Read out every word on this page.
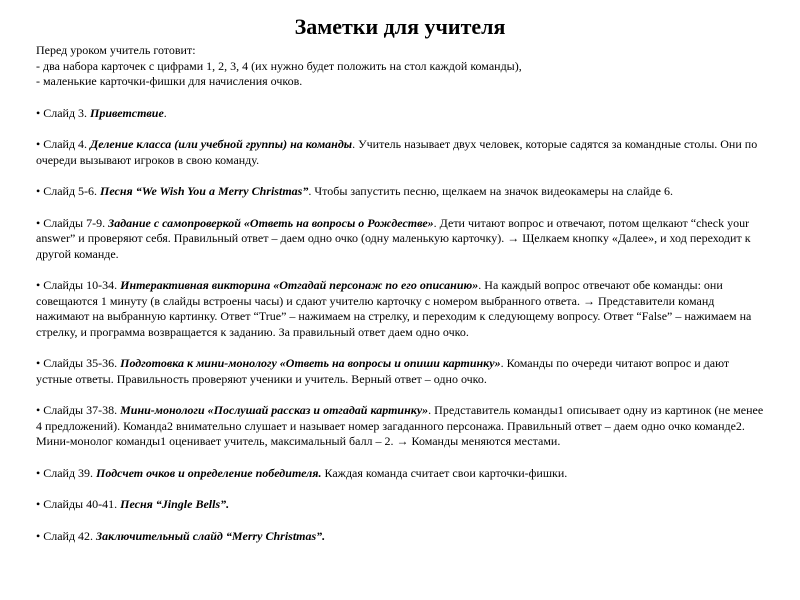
Заметки для учителя
Перед уроком учитель готовит:
- два набора карточек с цифрами 1, 2, 3, 4 (их нужно будет положить на стол каждой команды),
- маленькие карточки-фишки для начисления очков.
• Слайд 3. Приветствие.
• Слайд 4. Деление класса (или учебной группы) на команды. Учитель называет двух человек, которые садятся за командные столы. Они по очереди вызывают игроков в свою команду.
• Слайд 5-6. Песня “We Wish You a Merry Christmas”. Чтобы запустить песню, щелкаем на значок видеокамеры на слайде 6.
• Слайды 7-9. Задание с самопроверкой «Ответь на вопросы о Рождестве». Дети читают вопрос и отвечают, потом щелкают “check your answer” и проверяют себя. Правильный ответ – даем одно очко (одну маленькую карточку). → Щелкаем кнопку «Далее», и ход переходит к другой команде.
• Слайды 10-34. Интерактивная викторина «Отгадай персонаж по его описанию». На каждый вопрос отвечают обе команды: они совещаются 1 минуту (в слайды встроены часы) и сдают учителю карточку с номером выбранного ответа. → Представители команд нажимают на выбранную картинку. Ответ “True” – нажимаем на стрелку, и переходим к следующему вопросу. Ответ “False” – нажимаем на стрелку, и программа возвращается к заданию. За правильный ответ даем одно очко.
• Слайды 35-36. Подготовка к мини-монологу «Ответь на вопросы и опиши картинку». Команды по очереди читают вопрос и дают устные ответы. Правильность проверяют ученики и учитель. Верный ответ – одно очко.
• Слайды 37-38. Мини-монологи «Послушай рассказ и отгадай картинку». Представитель команды1 описывает одну из картинок (не менее 4 предложений). Команда2 внимательно слушает и называет номер загаданного персонажа. Правильный ответ – даем одно очко команде2. Мини-монолог команды1 оценивает учитель, максимальный балл – 2. → Команды меняются местами.
• Слайд 39. Подсчет очков и определение победителя. Каждая команда считает свои карточки-фишки.
• Слайды 40-41. Песня “Jingle Bells”.
• Слайд 42. Заключительный слайд “Merry Christmas”.
